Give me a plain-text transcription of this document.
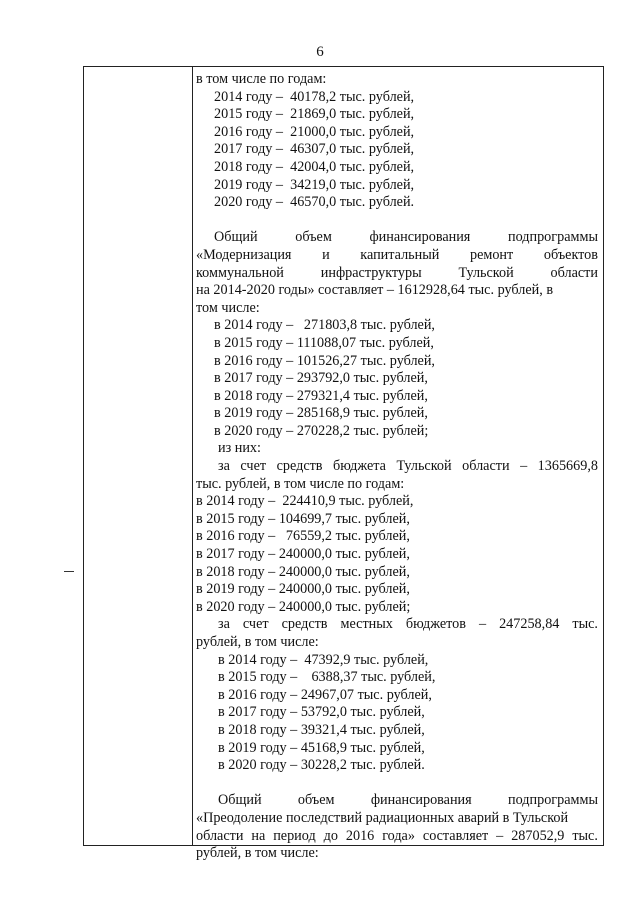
6
в том числе по годам:
2014 году –  40178,2 тыс. рублей,
2015 году –  21869,0 тыс. рублей,
2016 году –  21000,0 тыс. рублей,
2017 году –  46307,0 тыс. рублей,
2018 году –  42004,0 тыс. рублей,
2019 году –  34219,0 тыс. рублей,
2020 году –  46570,0 тыс. рублей.
Общий	объем	финансирования	подпрограммы
«Модернизация и капитальный ремонт объектов
коммунальной	инфраструктуры	Тульской	области
на 2014-2020 годы» составляет – 1612928,64 тыс. рублей, в
том числе:
в 2014 году –   271803,8 тыс. рублей,
в 2015 году – 111088,07 тыс. рублей,
в 2016 году – 101526,27 тыс. рублей,
в 2017 году – 293792,0 тыс. рублей,
в 2018 году – 279321,4 тыс. рублей,
в 2019 году – 285168,9 тыс. рублей,
в 2020 году – 270228,2 тыс. рублей;
из них:
за счет средств бюджета Тульской области – 1365669,8
тыс. рублей, в том числе по годам:
в 2014 году –  224410,9 тыс. рублей,
в 2015 году – 104699,7 тыс. рублей,
в 2016 году –   76559,2 тыс. рублей,
в 2017 году – 240000,0 тыс. рублей,
в 2018 году – 240000,0 тыс. рублей,
в 2019 году – 240000,0 тыс. рублей,
в 2020 году – 240000,0 тыс. рублей;
за счет средств местных бюджетов – 247258,84 тыс.
рублей, в том числе:
в 2014 году –  47392,9 тыс. рублей,
в 2015 году –    6388,37 тыс. рублей,
в 2016 году – 24967,07 тыс. рублей,
в 2017 году – 53792,0 тыс. рублей,
в 2018 году – 39321,4 тыс. рублей,
в 2019 году – 45168,9 тыс. рублей,
в 2020 году – 30228,2 тыс. рублей.
Общий	объем	финансирования	подпрограммы
«Преодоление последствий радиационных аварий в Тульской
области на период до 2016 года» составляет – 287052,9 тыс.
рублей, в том числе:
